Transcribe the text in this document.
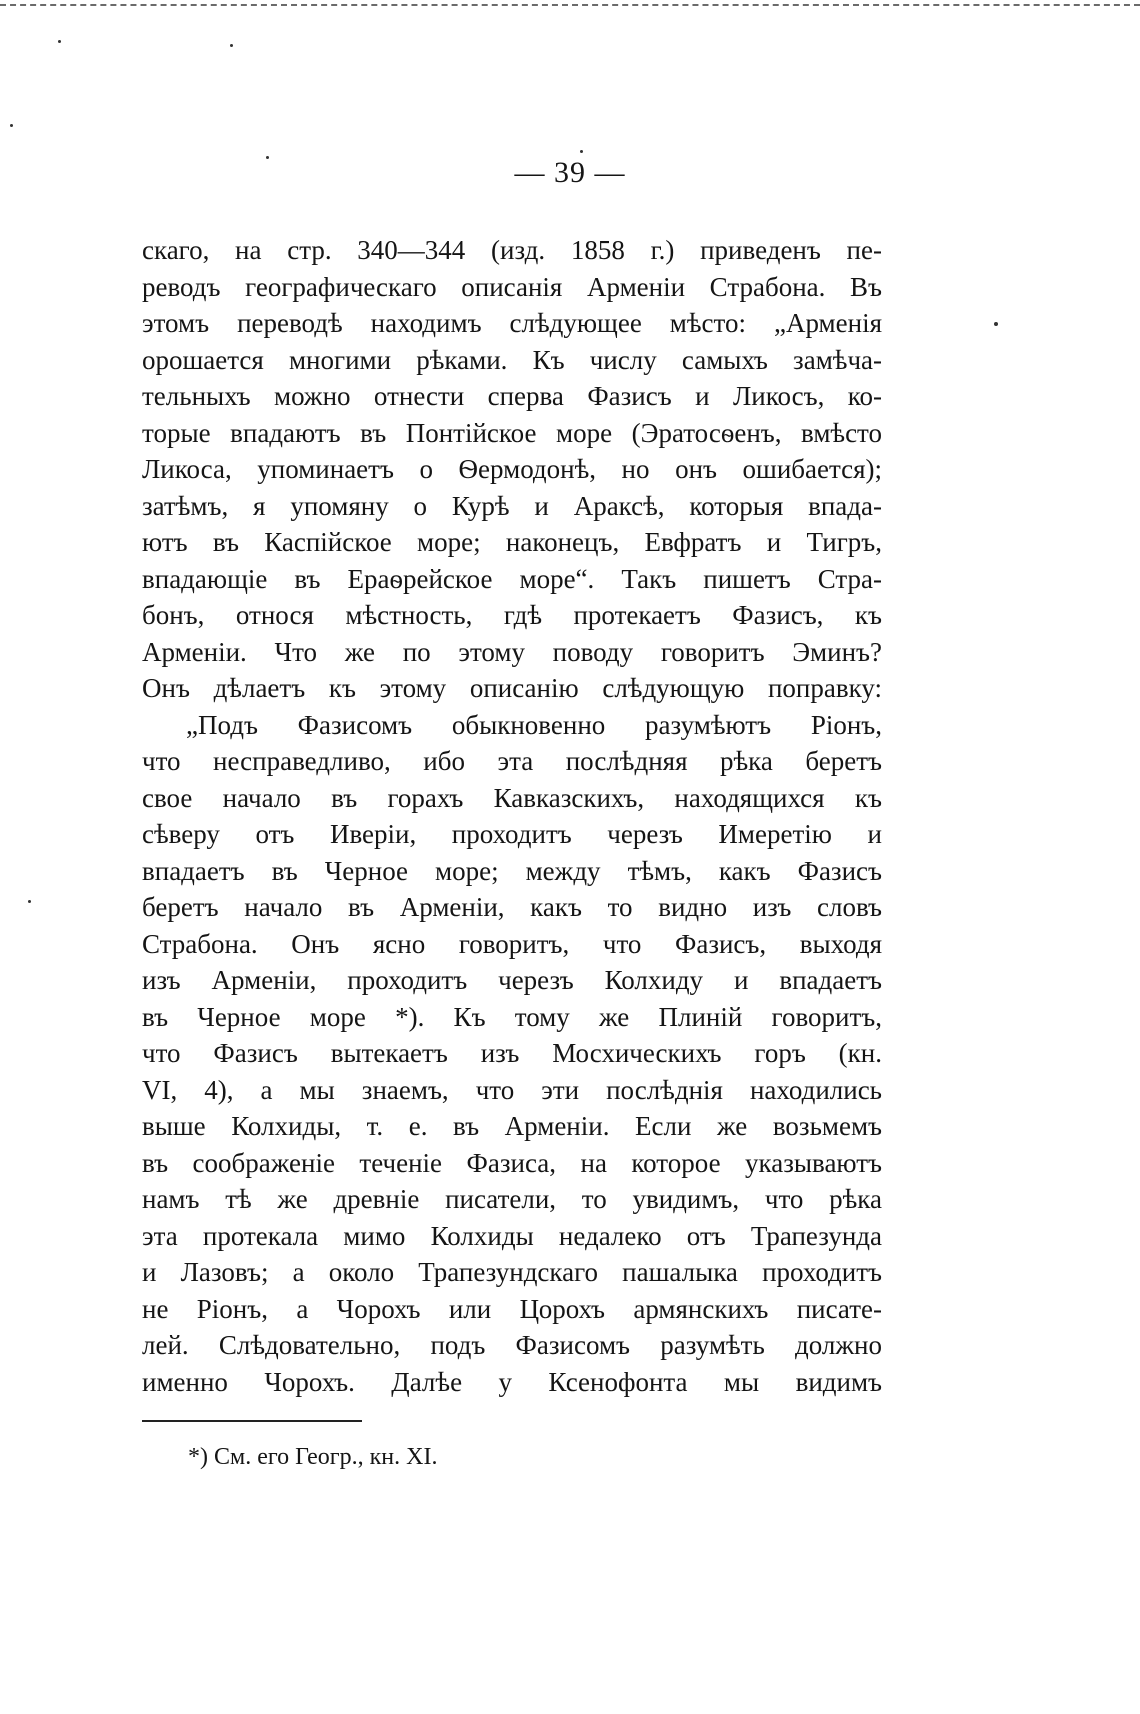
— 39 —
скаго, на стр. 340—344 (изд. 1858 г.) приведенъ пе-
реводъ географическаго описанія Арменіи Страбона. Въ
этомъ переводѣ находимъ слѣдующее мѣсто: „Арменія
орошается многими рѣками. Къ числу самыхъ замѣча-
тельныхъ можно отнести сперва Фазисъ и Ликосъ, ко-
торые впадаютъ въ Понтійское море (Эратосѳенъ, вмѣсто
Ликоса, упоминаетъ о Ѳермодонѣ, но онъ ошибается);
затѣмъ, я упомяну о Курѣ и Араксѣ, которыя впада-
ютъ въ Каспійское море; наконецъ, Евфратъ и Тигръ,
впадающіе въ Ераѳрейское море“. Такъ пишетъ Стра-
бонъ, относя мѣстность, гдѣ протекаетъ Фазисъ, къ
Арменіи. Что же по этому поводу говоритъ Эминъ?
Онъ дѣлаетъ къ этому описанію слѣдующую поправку:
„Подъ Фазисомъ обыкновенно разумѣютъ Ріонъ,
что несправедливо, ибо эта послѣдняя рѣка беретъ
свое начало въ горахъ Кавказскихъ, находящихся къ
сѣверу отъ Иверіи, проходитъ черезъ Имеретію и
впадаетъ въ Черное море; между тѣмъ, какъ Фазисъ
беретъ начало въ Арменіи, какъ то видно изъ словъ
Страбона. Онъ ясно говоритъ, что Фазисъ, выходя
изъ Арменіи, проходитъ черезъ Колхиду и впадаетъ
въ Черное море *). Къ тому же Плиній говоритъ,
что Фазисъ вытекаетъ изъ Мосхическихъ горъ (кн.
VI, 4), а мы знаемъ, что эти послѣднія находились
выше Колхиды, т. е. въ Арменіи. Если же возьмемъ
въ соображеніе теченіе Фазиса, на которое указываютъ
намъ тѣ же древніе писатели, то увидимъ, что рѣка
эта протекала мимо Колхиды недалеко отъ Трапезунда
и Лазовъ; а около Трапезундскаго пашалыка проходитъ
не Ріонъ, а Чорохъ или Цорохъ армянскихъ писате-
лей. Слѣдовательно, подъ Фазисомъ разумѣть должно
именно Чорохъ. Далѣе у Ксенофонта мы видимъ
*) См. его Геогр., кн. XI.
